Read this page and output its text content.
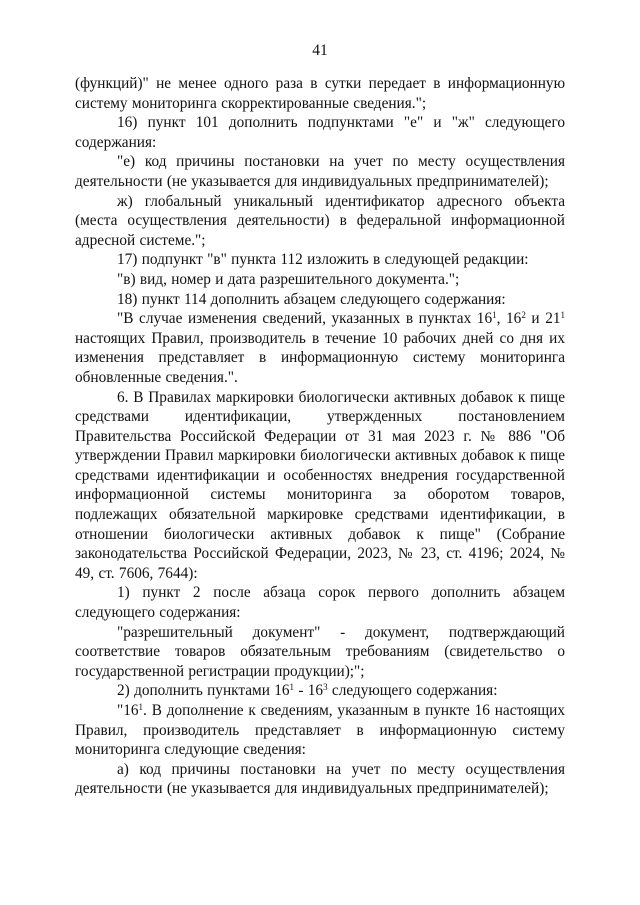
41

(функций)" не менее одного раза в сутки передает в информационную систему мониторинга скорректированные сведения.";

16) пункт 101 дополнить подпунктами "е" и "ж" следующего содержания:

"е) код причины постановки на учет по месту осуществления деятельности (не указывается для индивидуальных предпринимателей);

ж) глобальный уникальный идентификатор адресного объекта (места осуществления деятельности) в федеральной информационной адресной системе.";

17) подпункт "в" пункта 112 изложить в следующей редакции:

"в) вид, номер и дата разрешительного документа.";

18) пункт 114 дополнить абзацем следующего содержания:

"В случае изменения сведений, указанных в пунктах $16^1$, $16^2$ и $21^1$ настоящих Правил, производитель в течение 10 рабочих дней со дня их изменения представляет в информационную систему мониторинга обновленные сведения.".

6. В Правилах маркировки биологически активных добавок к пище средствами идентификации, утвержденных постановлением Правительства Российской Федерации от 31 мая 2023 г. № 886 "Об утверждении Правил маркировки биологически активных добавок к пище средствами идентификации и особенностях внедрения государственной информационной системы мониторинга за оборотом товаров, подлежащих обязательной маркировке средствами идентификации, в отношении биологически активных добавок к пище" (Собрание законодательства Российской Федерации, 2023, № 23, ст. 4196; 2024, № 49, ст. 7606, 7644):

1) пункт 2 после абзаца сорок первого дополнить абзацем следующего содержания:

"разрешительный документ" - документ, подтверждающий соответствие товаров обязательным требованиям (свидетельство о государственной регистрации продукции);";

2) дополнить пунктами $16^1 - 16^3$ следующего содержания:

"$16^1$. В дополнение к сведениям, указанным в пункте 16 настоящих Правил, производитель представляет в информационную систему мониторинга следующие сведения:

а) код причины постановки на учет по месту осуществления деятельности (не указывается для индивидуальных предпринимателей);
